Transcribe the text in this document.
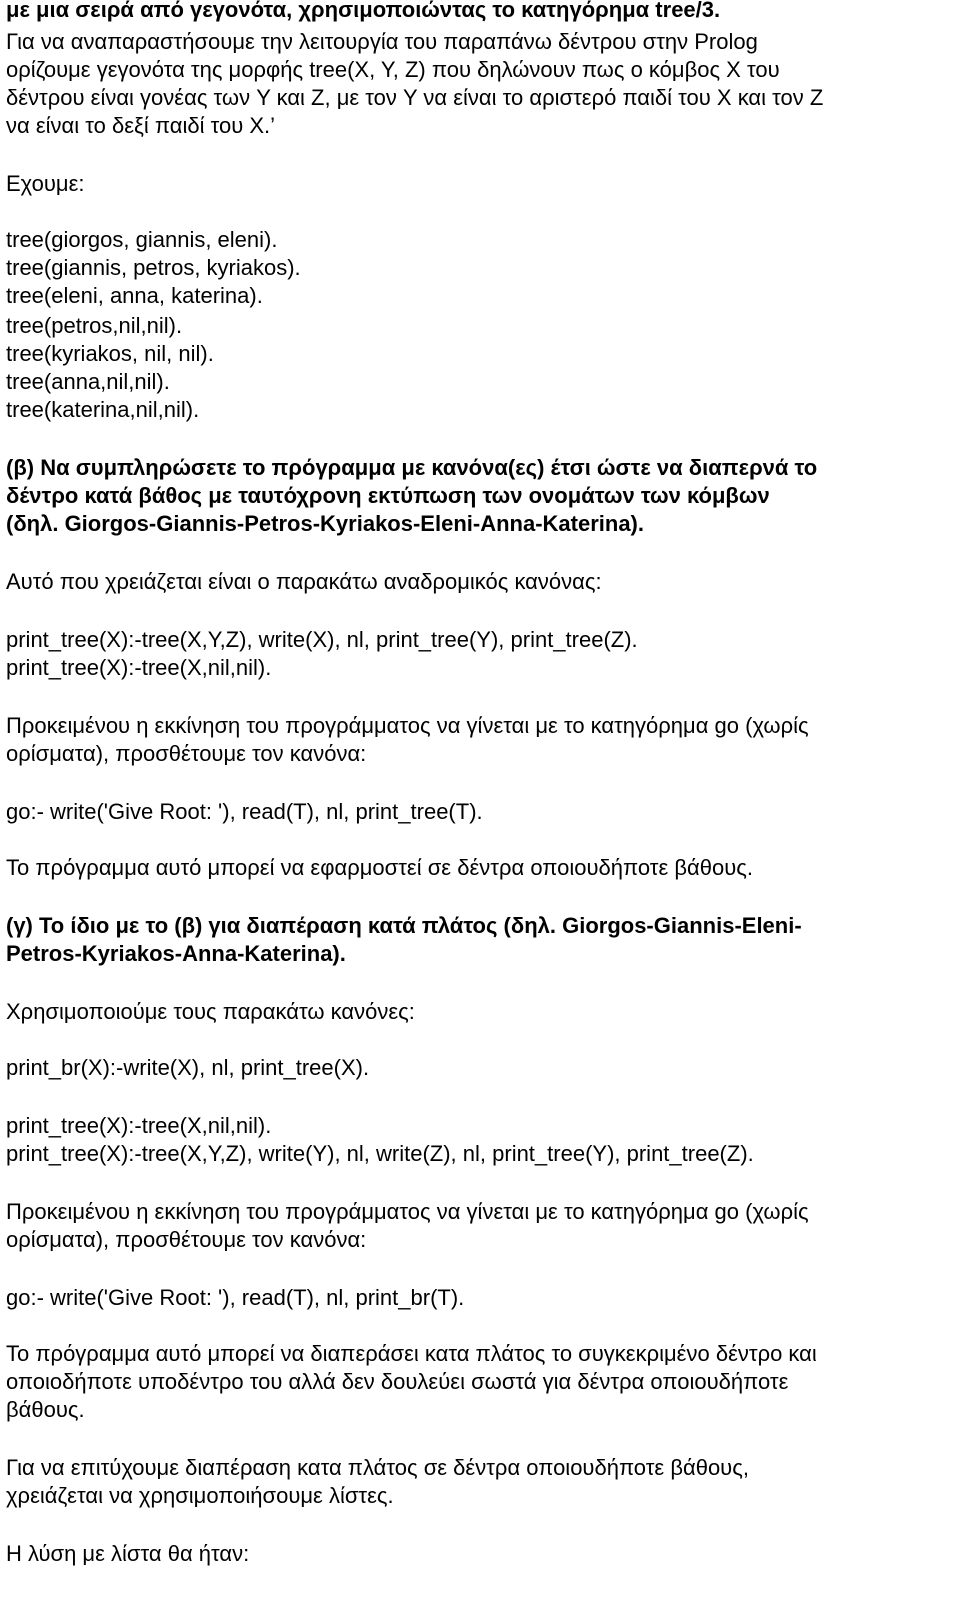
με μια σειρά από γεγονότα, χρησιμοποιώντας το κατηγόρημα tree/3.
Για να αναπαραστήσουμε την λειτουργία του παραπάνω δέντρου στην Prolog
ορίζουμε γεγονότα της μορφής tree(X, Y, Z) που δηλώνουν πως ο κόμβος X του
δέντρου είναι γονέας των Y και Z, με τον Y να είναι το αριστερό παιδί του X και τον Z
να είναι το δεξί παιδί του X.’
Εχουμε:
tree(giorgos, giannis, eleni).
tree(giannis, petros, kyriakos).
tree(eleni, anna, katerina).
tree(petros,nil,nil).
tree(kyriakos, nil, nil).
tree(anna,nil,nil).
tree(katerina,nil,nil).
(β) Να συμπληρώσετε το πρόγραμμα με κανόνα(ες) έτσι ώστε να διαπερνά το
δέντρο κατά βάθος με ταυτόχρονη εκτύπωση των ονομάτων των κόμβων
(δηλ. Giorgos-Giannis-Petros-Kyriakos-Eleni-Anna-Katerina).
Αυτό που χρειάζεται είναι ο παρακάτω αναδρομικός κανόνας:
print_tree(X):-tree(X,Y,Z), write(X), nl, print_tree(Y), print_tree(Z).
print_tree(X):-tree(X,nil,nil).
Προκειμένου η εκκίνηση του προγράμματος να γίνεται με το κατηγόρημα go (χωρίς
ορίσματα), προσθέτουμε τον κανόνα:
go:- write('Give Root: '), read(T), nl, print_tree(T).
Το πρόγραμμα αυτό μπορεί να εφαρμοστεί σε δέντρα οποιουδήποτε βάθους.
(γ) Το ίδιο με το (β) για διαπέραση κατά πλάτος (δηλ. Giorgos-Giannis-Eleni-
Petros-Kyriakos-Anna-Katerina).
Χρησιμοποιούμε τους παρακάτω κανόνες:
print_br(X):-write(X), nl, print_tree(X).
print_tree(X):-tree(X,nil,nil).
print_tree(X):-tree(X,Y,Z), write(Y), nl, write(Z), nl, print_tree(Y), print_tree(Z).
Προκειμένου η εκκίνηση του προγράμματος να γίνεται με το κατηγόρημα go (χωρίς
ορίσματα), προσθέτουμε τον κανόνα:
go:- write('Give Root: '), read(T), nl, print_br(T).
Το πρόγραμμα αυτό μπορεί να διαπεράσει κατα πλάτος το συγκεκριμένο δέντρο και
οποιοδήποτε υποδέντρο του αλλά δεν δουλεύει σωστά για δέντρα οποιουδήποτε
βάθους.
Για να επιτύχουμε διαπέραση κατα πλάτος σε δέντρα οποιουδήποτε βάθους,
χρειάζεται να χρησιμοποιήσουμε λίστες.
Η λύση με λίστα θα ήταν:
